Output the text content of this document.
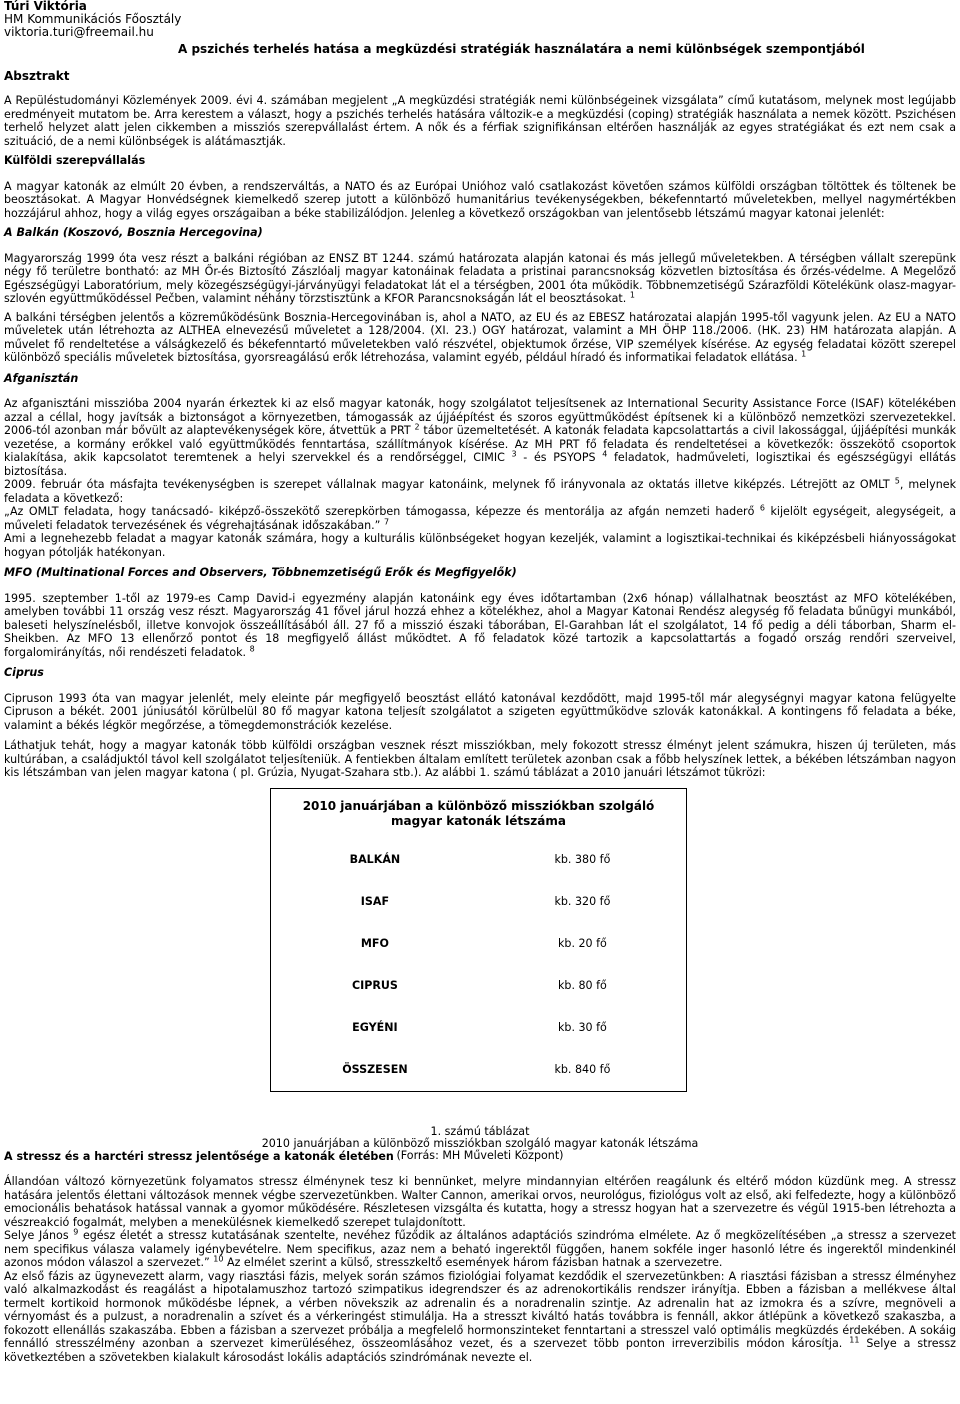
Túri Viktória
HM Kommunikációs Főosztály
viktoria.turi@freemail.hu
A pszichés terhelés hatása a megküzdési stratégiák használatára a nemi különbségek szempontjából
Absztrakt

A Repüléstudományi Közlemények 2009. évi 4. számában megjelent „A megküzdési stratégiák nemi különbségeinek vizsgálata” című kutatásom, melynek most legújabb eredményeit mutatom be. Arra kerestem a választ, hogy a pszichés terhelés hatására változik-e a megküzdési (coping) stratégiák használata a nemek között. Pszichésen terhelő helyzet alatt jelen cikkemben a missziós szerepvállalást értem. A nők és a férfiak szignifikánsan eltérően használják az egyes stratégiákat és ezt nem csak a szituáció, de a nemi különbségek is alátámasztják.

Külföldi szerepvállalás

A magyar katonák az elmúlt 20 évben, a rendszerváltás, a NATO és az Európai Unióhoz való csatlakozást követően számos külföldi országban töltöttek és töltenek be beosztásokat. A Magyar Honvédségnek kiemelkedő szerep jutott a különböző humanitárius tevékenységekben, békefenntartó műveletekben, mellyel nagymértékben hozzájárul ahhoz, hogy a világ egyes országaiban a béke stabilizálódjon. Jelenleg a következő országokban van jelentősebb létszámú magyar katonai jelenlét:

A Balkán (Koszovó, Bosznia Hercegovina)

Magyarország 1999 óta vesz részt a balkáni régióban az ENSZ BT 1244. számú határozata alapján katonai és más jellegű műveletekben. A térségben vállalt szerepünk négy fő területre bontható: az MH Őr-és Biztosító Zászlóalj magyar katonáinak feladata a pristinai parancsnokság közvetlen biztosítása és őrzés-védelme. A Megelőző Egészségügyi Laboratórium, mely közegészségügyi-járványügyi feladatokat lát el a térségben, 2001 óta működik. Többnemzetiségű Szárazföldi Kötelékünk olasz-magyar-szlovén együttműködéssel Pečben, valamint néhány törzstisztünk a KFOR Parancsnokságán lát el beosztásokat. $^1$

A balkáni térségben jelentős a közreműködésünk Bosznia-Hercegovinában is, ahol a NATO, az EU és az EBESZ határozatai alapján 1995-től vagyunk jelen. Az EU a NATO műveletek után létrehozta az ALTHEA elnevezésű műveletet a 128/2004. (XI. 23.) OGY határozat, valamint a MH ÖHP 118./2006. (HK. 23) HM határozata alapján. A művelet fő rendeltetése a válságkezelő és békefenntartó műveletekben való részvétel, objektumok őrzése, VIP személyek kísérése. Az egység feladatai között szerepel különböző speciális műveletek biztosítása, gyorsreagálású erők létrehozása, valamint egyéb, például híradó és informatikai feladatok ellátása. $^1$

Afganisztán

Az afganisztáni misszióba 2004 nyarán érkeztek ki az első magyar katonák, hogy szolgálatot teljesítsenek az International Security Assistance Force (ISAF) kötelékében azzal a céllal, hogy javítsák a biztonságot a környezetben, támogassák az újjáépítést és szoros együttműködést építsenek ki a különböző nemzetközi szervezetekkel. 2006-tól azonban már bővült az alaptevékenységek köre, átvettük a PRT $^2$ tábor üzemeltetését. A katonák feladata kapcsolattartás a civil lakossággal, újjáépítési munkák vezetése, a kormány erőkkel való együttműködés fenntartása, szállítmányok kísérése. Az MH PRT fő feladata és rendeltetései a következők: összekötő csoportok kialakítása, akik kapcsolatot teremtenek a helyi szervekkel és a rendőrséggel, CIMIC $^3$ - és PSYOPS $^4$ feladatok, hadműveleti, logisztikai és egészségügyi ellátás biztosítása.

2009. február óta másfajta tevékenységben is szerepet vállalnak magyar katonáink, melynek fő irányvonala az oktatás illetve kiképzés. Létrejött az OMLT $^5$, melynek feladata a következő:

„Az OMLT feladata, hogy tanácsadó- kiképző-összekötő szerepkörben támogassa, képezze és mentorálja az afgán nemzeti haderő $^6$ kijelölt egységeit, alegységeit, a műveleti feladatok tervezésének és végrehajtásának időszakában.” $^7$

Ami a legnehezebb feladat a magyar katonák számára, hogy a kulturális különbségeket hogyan kezeljék, valamint a logisztikai-technikai és kiképzésbeli hiányosságokat hogyan pótolják hatékonyan.

MFO (Multinational Forces and Observers, Többnemzetiségű Erők és Megfigyelők)

1995. szeptember 1-től az 1979-es Camp David-i egyezmény alapján katonáink egy éves időtartamban (2x6 hónap) vállalhatnak beosztást az MFO kötelékében, amelyben további 11 ország vesz részt. Magyarország 41 fővel járul hozzá ehhez a kötelékhez, ahol a Magyar Katonai Rendész alegység fő feladata bűnügyi munkából, baleseti helyszínelésből, illetve konvojok összeállításából áll. 27 fő a misszió északi táborában, El-Garahban lát el szolgálatot, 14 fő pedig a déli táborban, Sharm el-Sheikben. Az MFO 13 ellenőrző pontot és 18 megfigyelő állást működtet. A fő feladatok közé tartozik a kapcsolattartás a fogadó ország rendőri szerveivel, forgalomirányítás, női rendészeti feladatok. $^8$

Ciprus

Cipruson 1993 óta van magyar jelenlét, mely eleinte pár megfigyelő beosztást ellátó katonával kezdődött, majd 1995-től már alegységnyi magyar katona felügyelte Cipruson a békét. 2001 júniusától körülbelül 80 fő magyar katona teljesít szolgálatot a szigeten együttműködve szlovák katonákkal. A kontingens fő feladata a béke, valamint a békés légkör megőrzése, a tömegdemonstrációk kezelése.

Láthatjuk tehát, hogy a magyar katonák több külföldi országban vesznek részt missziókban, mely fokozott stressz élményt jelent számukra, hiszen új területen, más kultúrában, a családjuktól távol kell szolgálatot teljesíteniük. A fentiekben általam említett területek azonban csak a főbb helyszínek lettek, a békében létszámban nagyon kis létszámban van jelen magyar katona ( pl. Grúzia, Nyugat-Szahara stb.). Az alábbi 1. számú táblázat a 2010 januári létszámot tükrözi:

2010 januárjában a különböző missziókban szolgáló magyar katonák létszáma	
BALKÁN	kb. 380 fő
ISAF	kb. 320 fő
MFO	kb. 20 fő
CIPRUS	kb. 80 fő
EGYÉNI	kb. 30 fő
ÖSSZESEN	kb. 840 fő
1. számú táblázat
2010 januárjában a különböző missziókban szolgáló magyar katonák létszáma
(Forrás: MH Műveleti Központ)
A stressz és a harctéri stressz jelentősége a katonák életében

Állandóan változó környezetünk folyamatos stressz élménynek tesz ki bennünket, melyre mindannyian eltérően reagálunk és eltérő módon küzdünk meg. A stressz hatására jelentős élettani változások mennek végbe szervezetünkben. Walter Cannon, amerikai orvos, neurológus, fiziológus volt az első, aki felfedezte, hogy a különböző emocionális behatások hatással vannak a gyomor működésére. Részletesen vizsgálta és kutatta, hogy a stressz hogyan hat a szervezetre és végül 1915-ben létrehozta a vészreakció fogalmát, melyben a menekülésnek kiemelkedő szerepet tulajdonított.

Selye János $^9$ egész életét a stressz kutatásának szentelte, nevéhez fűződik az általános adaptációs szindróma elmélete. Az ő megközelítésében „a stressz a szervezet nem specifikus válasza valamely igénybevételre. Nem specifikus, azaz nem a beható ingerektől függően, hanem sokféle inger hasonló létre és ingerektől mindenkinél azonos módon válaszol a szervezet.” $^{10}$ Az elmélet szerint a külső, stresszkeltő események három fázisban hatnak a szervezetre.

Az első fázis az ügynevezett alarm, vagy riasztási fázis, melyek során számos fiziológiai folyamat kezdődik el szervezetünkben: A riasztási fázisban a stressz élményhez való alkalmazkodást és reagálást a hipotalamuszhoz tartozó szimpatikus idegrendszer és az adrenokortikális rendszer irányítja. Ebben a fázisban a mellékvese által termelt kortikoid hormonok működésbe lépnek, a vérben növekszik az adrenalin és a noradrenalin szintje. Az adrenalin hat az izmokra és a szívre, megnöveli a vérnyomást és a pulzust, a noradrenalin a szívet és a vérkeringést stimulálja. Ha a stresszt kiváltó hatás továbbra is fennáll, akkor átlépünk a következő szakaszba, a fokozott ellenállás szakaszába. Ebben a fázisban a szervezet próbálja a megfelelő hormonszinteket fenntartani a stresszel való optimális megküzdés érdekében. A sokáig fennálló stresszélmény azonban a szervezet kimerüléséhez, összeomlásához vezet, és a szervezet több ponton irreverzibilis módon károsítja. $^{11}$ Selye a stressz következtében a szövetekben kialakult károsodást lokális adaptációs szindrómának nevezte el.
